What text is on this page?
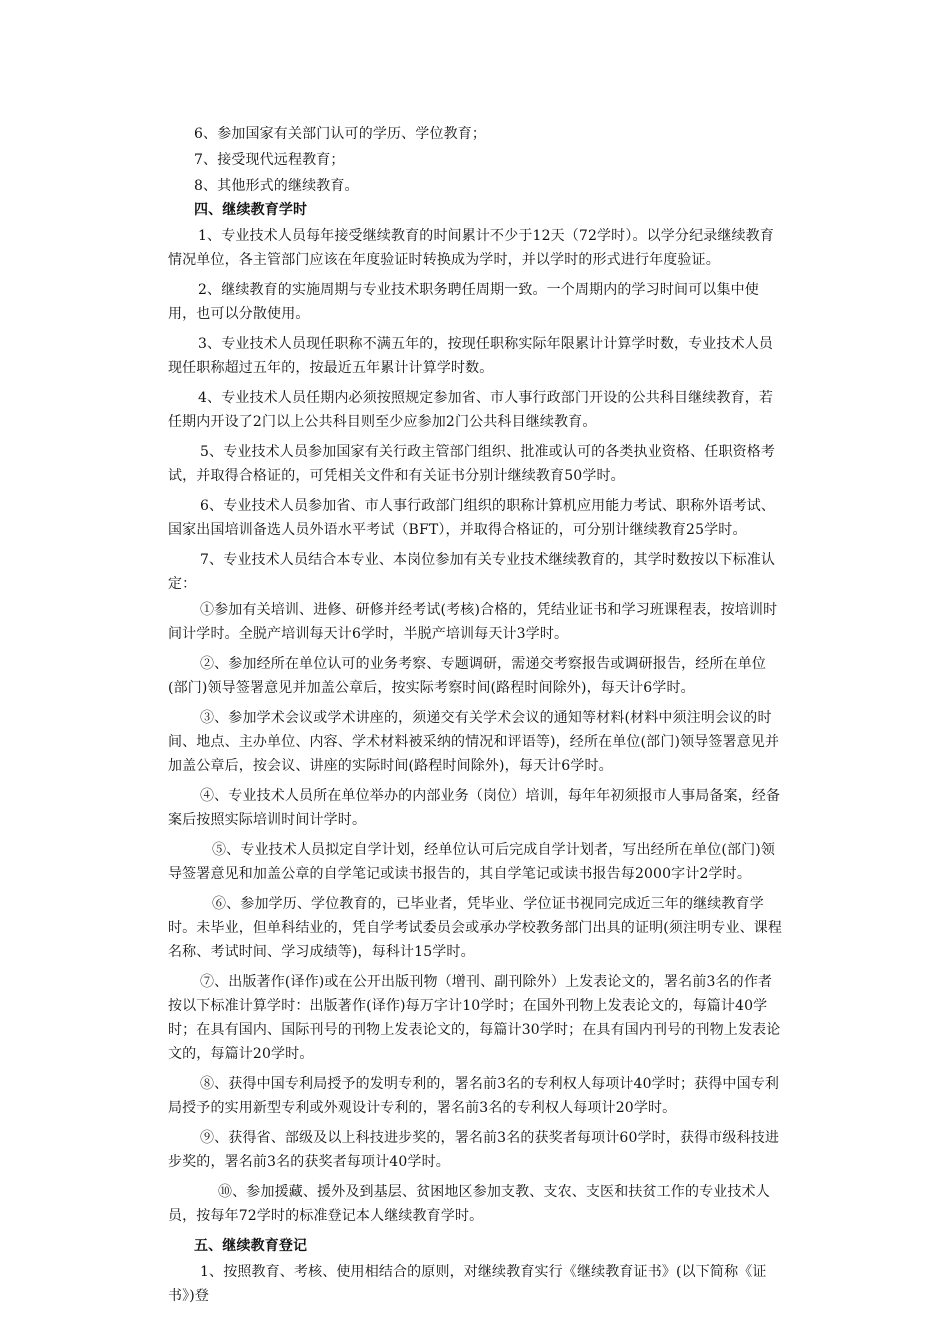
6、参加国家有关部门认可的学历、学位教育；

7、接受现代远程教育；

8、其他形式的继续教育。

四、继续教育学时

1、专业技术人员每年接受继续教育的时间累计不少于12天（72学时）。以学分纪录继续教育情况单位，各主管部门应该在年度验证时转换成为学时，并以学时的形式进行年度验证。

2、继续教育的实施周期与专业技术职务聘任周期一致。一个周期内的学习时间可以集中使用，也可以分散使用。

3、专业技术人员现任职称不满五年的，按现任职称实际年限累计计算学时数，专业技术人员现任职称超过五年的，按最近五年累计计算学时数。

4、专业技术人员任期内必须按照规定参加省、市人事行政部门开设的公共科目继续教育，若任期内开设了2门以上公共科目则至少应参加2门公共科目继续教育。

5、专业技术人员参加国家有关行政主管部门组织、批准或认可的各类执业资格、任职资格考试，并取得合格证的，可凭相关文件和有关证书分别计继续教育50学时。

6、专业技术人员参加省、市人事行政部门组织的职称计算机应用能力考试、职称外语考试、国家出国培训备选人员外语水平考试（BFT），并取得合格证的，可分别计继续教育25学时。

7、专业技术人员结合本专业、本岗位参加有关专业技术继续教育的，其学时数按以下标准认定：

①参加有关培训、进修、研修并经考试(考核)合格的，凭结业证书和学习班课程表，按培训时间计学时。全脱产培训每天计6学时，半脱产培训每天计3学时。

②、参加经所在单位认可的业务考察、专题调研，需递交考察报告或调研报告，经所在单位(部门)领导签署意见并加盖公章后，按实际考察时间(路程时间除外)，每天计6学时。

③、参加学术会议或学术讲座的，须递交有关学术会议的通知等材料(材料中须注明会议的时间、地点、主办单位、内容、学术材料被采纳的情况和评语等)，经所在单位(部门)领导签署意见并加盖公章后，按会议、讲座的实际时间(路程时间除外)，每天计6学时。

④、专业技术人员所在单位举办的内部业务（岗位）培训，每年年初须报市人事局备案，经备案后按照实际培训时间计学时。

⑤、专业技术人员拟定自学计划，经单位认可后完成自学计划者，写出经所在单位(部门)领导签署意见和加盖公章的自学笔记或读书报告的，其自学笔记或读书报告每2000字计2学时。

⑥、参加学历、学位教育的，已毕业者，凭毕业、学位证书视同完成近三年的继续教育学时。未毕业，但单科结业的，凭自学考试委员会或承办学校教务部门出具的证明(须注明专业、课程名称、考试时间、学习成绩等)，每科计15学时。

⑦、出版著作(译作)或在公开出版刊物（增刊、副刊除外）上发表论文的，署名前3名的作者按以下标准计算学时：出版著作(译作)每万字计10学时；在国外刊物上发表论文的，每篇计40学时；在具有国内、国际刊号的刊物上发表论文的，每篇计30学时；在具有国内刊号的刊物上发表论文的，每篇计20学时。

⑧、获得中国专利局授予的发明专利的，署名前3名的专利权人每项计40学时；获得中国专利局授予的实用新型专利或外观设计专利的，署名前3名的专利权人每项计20学时。

⑨、获得省、部级及以上科技进步奖的，署名前3名的获奖者每项计60学时，获得市级科技进步奖的，署名前3名的获奖者每项计40学时。

⑩、参加援藏、援外及到基层、贫困地区参加支教、支农、支医和扶贫工作的专业技术人员，按每年72学时的标准登记本人继续教育学时。

五、继续教育登记

1、按照教育、考核、使用相结合的原则，对继续教育实行《继续教育证书》(以下简称《证书》)登
